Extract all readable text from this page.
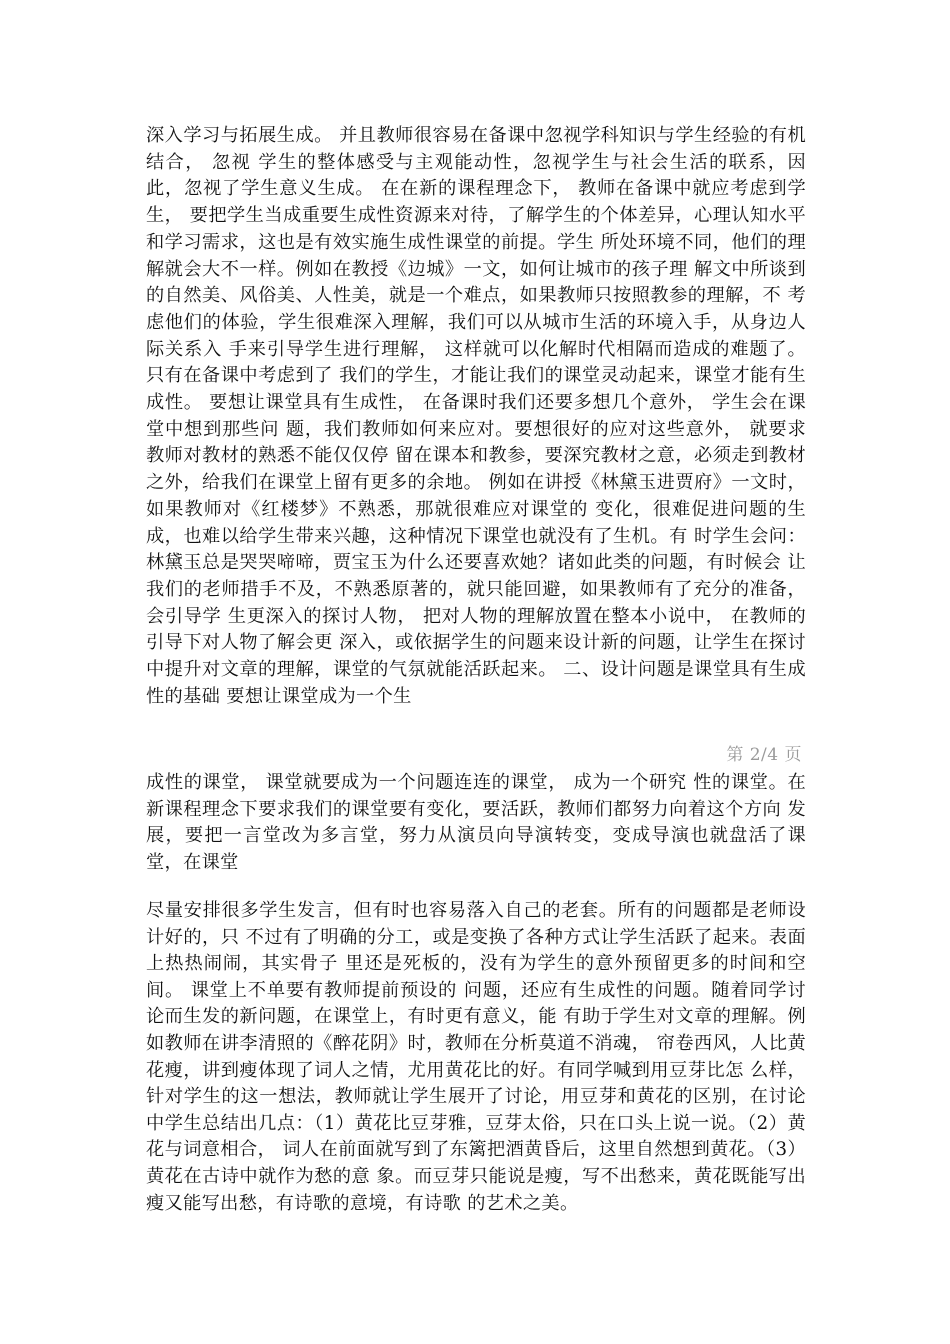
深入学习与拓展生成。 并且教师很容易在备课中忽视学科知识与学生经验的有机结合， 忽视 学生的整体感受与主观能动性，忽视学生与社会生活的联系，因此，忽视了学生意义生成。 在在新的课程理念下， 教师在备课中就应考虑到学生， 要把学生当成重要生成性资源来对待，了解学生的个体差异，心理认知水平和学习需求，这也是有效实施生成性课堂的前提。学生 所处环境不同，他们的理解就会大不一样。例如在教授《边城》一文，如何让城市的孩子理 解文中所谈到的自然美、风俗美、人性美，就是一个难点，如果教师只按照教参的理解，不 考虑他们的体验，学生很难深入理解，我们可以从城市生活的环境入手，从身边人际关系入 手来引导学生进行理解， 这样就可以化解时代相隔而造成的难题了。 只有在备课中考虑到了 我们的学生，才能让我们的课堂灵动起来，课堂才能有生成性。 要想让课堂具有生成性， 在备课时我们还要多想几个意外， 学生会在课堂中想到那些问 题，我们教师如何来应对。要想很好的应对这些意外， 就要求教师对教材的熟悉不能仅仅停 留在课本和教参，要深究教材之意，必须走到教材之外，给我们在课堂上留有更多的余地。 例如在讲授《林黛玉进贾府》一文时，如果教师对《红楼梦》不熟悉，那就很难应对课堂的 变化，很难促进问题的生成，也难以给学生带来兴趣，这种情况下课堂也就没有了生机。有 时学生会问：林黛玉总是哭哭啼啼，贾宝玉为什么还要喜欢她？诸如此类的问题，有时候会 让我们的老师措手不及，不熟悉原著的，就只能回避，如果教师有了充分的准备，会引导学 生更深入的探讨人物， 把对人物的理解放置在整本小说中， 在教师的引导下对人物了解会更 深入，或依据学生的问题来设计新的问题，让学生在探讨中提升对文章的理解，课堂的气氛就能活跃起来。 二、设计问题是课堂具有生成性的基础 要想让课堂成为一个生

第 2/4 页

成性的课堂， 课堂就要成为一个问题连连的课堂， 成为一个研究 性的课堂。在新课程理念下要求我们的课堂要有变化，要活跃，教师们都努力向着这个方向 发展，要把一言堂改为多言堂，努力从演员向导演转变，变成导演也就盘活了课堂，在课堂

尽量安排很多学生发言，但有时也容易落入自己的老套。所有的问题都是老师设计好的，只 不过有了明确的分工，或是变换了各种方式让学生活跃了起来。表面上热热闹闹，其实骨子 里还是死板的，没有为学生的意外预留更多的时间和空间。 课堂上不单要有教师提前预设的 问题，还应有生成性的问题。随着同学讨论而生发的新问题，在课堂上，有时更有意义，能 有助于学生对文章的理解。例如教师在讲李清照的《醉花阴》时，教师在分析莫道不消魂， 帘卷西风，人比黄花瘦，讲到瘦体现了词人之情，尤用黄花比的好。有同学喊到用豆芽比怎 么样，针对学生的这一想法，教师就让学生展开了讨论，用豆芽和黄花的区别，在讨论中学生总结出几点：（1）黄花比豆芽雅，豆芽太俗，只在口头上说一说。（2）黄花与词意相合， 词人在前面就写到了东篱把酒黄昏后，这里自然想到黄花。（3）黄花在古诗中就作为愁的意 象。而豆芽只能说是瘦，写不出愁来，黄花既能写出瘦又能写出愁，有诗歌的意境，有诗歌 的艺术之美。
